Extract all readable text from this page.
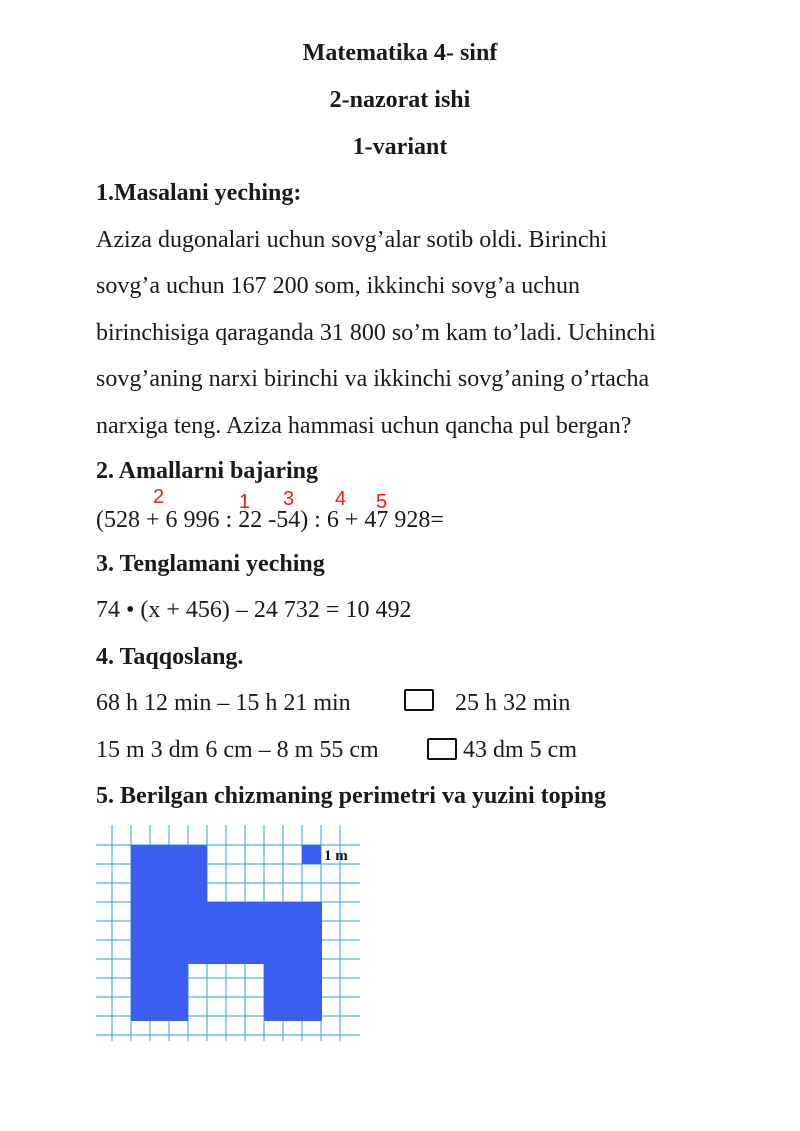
Matematika 4- sinf
2-nazorat ishi
1-variant
1.Masalani yeching:
Aziza dugonalari uchun sovg’alar sotib oldi. Birinchi
sovg’a uchun 167 200 som, ikkinchi sovg’a uchun
birinchisiga qaraganda 31 800 so’m kam to’ladi. Uchinchi
sovg’aning narxi birinchi va ikkinchi sovg’aning o’rtacha
narxiga teng. Aziza hammasi uchun qancha pul bergan?
2. Amallarni bajaring
(528 + 6 996 : 22 -54) : 6 + 47 928=
2	1 3 4 5
3. Tenglamani yeching
74 • (x + 456) – 24 732 = 10 492
4. Taqqoslang.
68 h 12 min – 15 h 21 min	25 h 32 min
15 m 3 dm 6 cm – 8 m 55 cm	43 dm 5 cm
5. Berilgan chizmaning perimetri va yuzini toping
1 m
